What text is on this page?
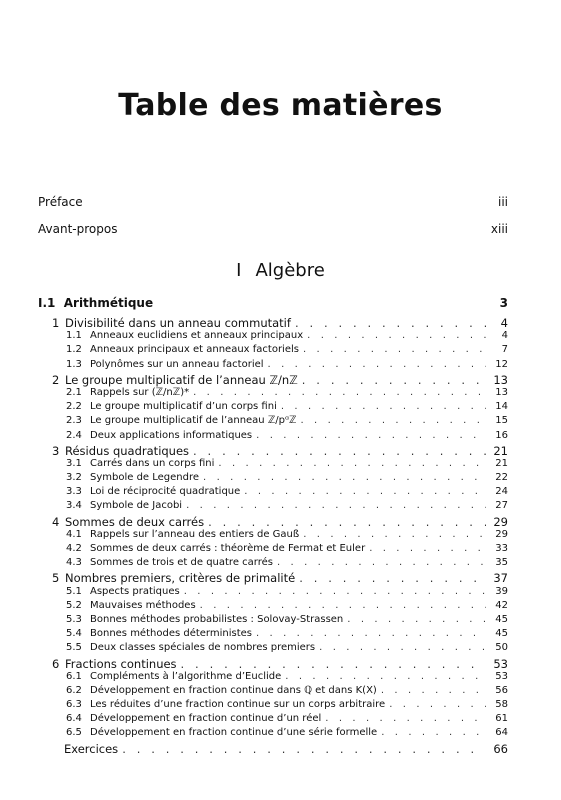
Table des matières
Préface	iii
Avant-propos	xiii
I Algèbre
I.1 Arithmétique	3
1 Divisibilité dans un anneau commutatif . . .	4
1.1 Anneaux euclidiens et anneaux principaux . . .	4
1.2 Anneaux principaux et anneaux factoriels . . .	7
1.3 Polynômes sur un anneau factoriel . . .	12
2 Le groupe multiplicatif de l’anneau ℤ/nℤ . . .	13
2.1 Rappels sur (ℤ/nℤ)* . . .	13
2.2 Le groupe multiplicatif d’un corps fini . . .	14
2.3 Le groupe multiplicatif de l’anneau ℤ/pᵅℤ . . .	15
2.4 Deux applications informatiques . . .	16
3 Résidus quadratiques . . .	21
3.1 Carrés dans un corps fini . . .	21
3.2 Symbole de Legendre . . .	22
3.3 Loi de réciprocité quadratique . . .	24
3.4 Symbole de Jacobi . . .	27
4 Sommes de deux carrés . . .	29
4.1 Rappels sur l’anneau des entiers de Gauß . . .	29
4.2 Sommes de deux carrés : théorème de Fermat et Euler . . .	33
4.3 Sommes de trois et de quatre carrés . . .	35
5 Nombres premiers, critères de primalité . . .	37
5.1 Aspects pratiques . . .	39
5.2 Mauvaises méthodes . . .	42
5.3 Bonnes méthodes probabilistes : Solovay-Strassen . . .	45
5.4 Bonnes méthodes déterministes . . .	45
5.5 Deux classes spéciales de nombres premiers . . .	50
6 Fractions continues . . .	53
6.1 Compléments à l’algorithme d’Euclide . . .	53
6.2 Développement en fraction continue dans ℚ et dans K(X) . . .	56
6.3 Les réduites d’une fraction continue sur un corps arbitraire . . .	58
6.4 Développement en fraction continue d’un réel . . .	61
6.5 Développement en fraction continue d’une série formelle . . .	64
Exercices . . .	66
